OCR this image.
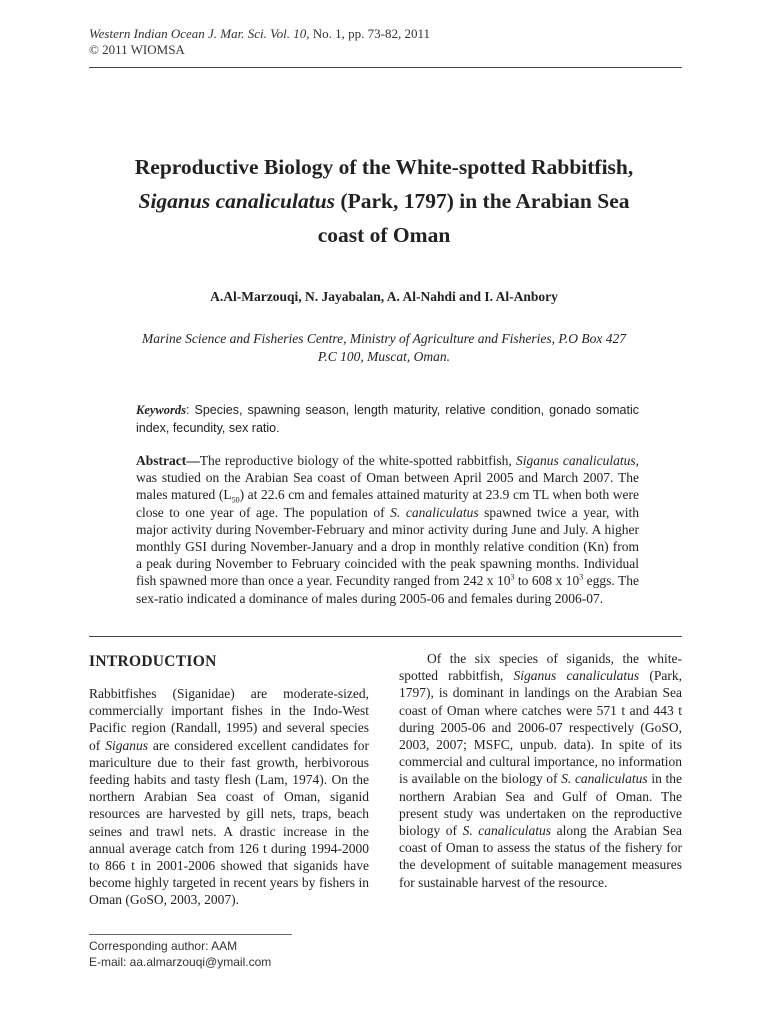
Western Indian Ocean J. Mar. Sci. Vol. 10, No. 1, pp. 73-82, 2011
© 2011 WIOMSA
Reproductive Biology of the White-spotted Rabbitfish,
Siganus canaliculatus (Park, 1797) in the Arabian Sea
coast of Oman
A.Al-Marzouqi, N. Jayabalan, A. Al-Nahdi and I. Al-Anbory
Marine Science and Fisheries Centre, Ministry of Agriculture and Fisheries, P.O Box 427
P.C 100, Muscat, Oman.
Keywords: Species, spawning season, length maturity, relative condition, gonado somatic index, fecundity, sex ratio.
Abstract—The reproductive biology of the white-spotted rabbitfish, Siganus canaliculatus, was studied on the Arabian Sea coast of Oman between April 2005 and March 2007. The males matured $(L_{50})$ at 22.6 cm and females attained maturity at 23.9 cm TL when both were close to one year of age. The population of S. canaliculatus spawned twice a year, with major activity during November-February and minor activity during June and July. A higher monthly GSI during November-January and a drop in monthly relative condition (Kn) from a peak during November to February coincided with the peak spawning months. Individual fish spawned more than once a year. Fecundity ranged from 242 x $10^3$ to 608 x $10^3$ eggs. The sex-ratio indicated a dominance of males during 2005-06 and females during 2006-07.
INTRODUCTION
Rabbitfishes (Siganidae) are moderate-sized, commercially important fishes in the Indo-West Pacific region (Randall, 1995) and several species of Siganus are considered excellent candidates for mariculture due to their fast growth, herbivorous feeding habits and tasty flesh (Lam, 1974). On the northern Arabian Sea coast of Oman, siganid resources are harvested by gill nets, traps, beach seines and trawl nets. A drastic increase in the annual average catch from 126 t during 1994-2000 to 866 t in 2001-2006 showed that siganids have become highly targeted in recent years by fishers in Oman (GoSO, 2003, 2007).
Of the six species of siganids, the white-spotted rabbitfish, Siganus canaliculatus (Park, 1797), is dominant in landings on the Arabian Sea coast of Oman where catches were 571 t and 443 t during 2005-06 and 2006-07 respectively (GoSO, 2003, 2007; MSFC, unpub. data). In spite of its commercial and cultural importance, no information is available on the biology of S. canaliculatus in the northern Arabian Sea and Gulf of Oman. The present study was undertaken on the reproductive biology of S. canaliculatus along the Arabian Sea coast of Oman to assess the status of the fishery for the development of suitable management measures for sustainable harvest of the resource.
Corresponding author: AAM
E-mail: aa.almarzouqi@ymail.com
